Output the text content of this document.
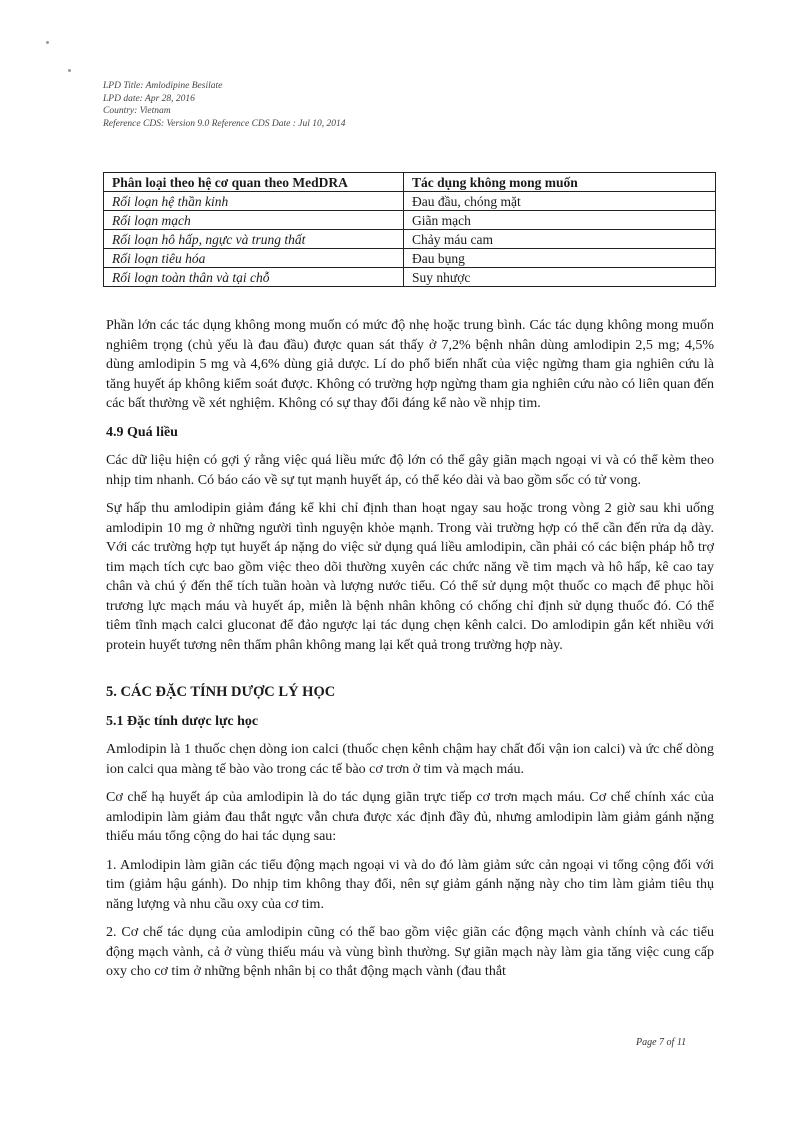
LPD Title: Amlodipine Besilate
LPD date: Apr 28, 2016
Country: Vietnam
Reference CDS: Version 9.0 Reference CDS Date : Jul 10, 2014
Phân loại theo hệ cơ quan theo MedDRA	Tác dụng không mong muốn
Rối loạn hệ thần kinh	Đau đầu, chóng mặt
Rối loạn mạch	Giãn mạch
Rối loạn hô hấp, ngực và trung thất	Chảy máu cam
Rối loạn tiêu hóa	Đau bụng
Rối loạn toàn thân và tại chỗ	Suy nhược

Phần lớn các tác dụng không mong muốn có mức độ nhẹ hoặc trung bình. Các tác dụng không mong muốn nghiêm trọng (chủ yếu là đau đầu) được quan sát thấy ở 7,2% bệnh nhân dùng amlodipin 2,5 mg; 4,5% dùng amlodipin 5 mg và 4,6% dùng giả dược. Lí do phổ biến nhất của việc ngừng tham gia nghiên cứu là tăng huyết áp không kiểm soát được. Không có trường hợp ngừng tham gia nghiên cứu nào có liên quan đến các bất thường về xét nghiệm. Không có sự thay đổi đáng kể nào về nhịp tim.

4.9 Quá liều

Các dữ liệu hiện có gợi ý rằng việc quá liều mức độ lớn có thể gây giãn mạch ngoại vi và có thể kèm theo nhịp tim nhanh. Có báo cáo về sự tụt mạnh huyết áp, có thể kéo dài và bao gồm sốc có tử vong.

Sự hấp thu amlodipin giảm đáng kể khi chỉ định than hoạt ngay sau hoặc trong vòng 2 giờ sau khi uống amlodipin 10 mg ở những người tình nguyện khỏe mạnh. Trong vài trường hợp có thể cần đến rửa dạ dày. Với các trường hợp tụt huyết áp nặng do việc sử dụng quá liều amlodipin, cần phải có các biện pháp hỗ trợ tim mạch tích cực bao gồm việc theo dõi thường xuyên các chức năng về tim mạch và hô hấp, kê cao tay chân và chú ý đến thể tích tuần hoàn và lượng nước tiểu. Có thể sử dụng một thuốc co mạch để phục hồi trương lực mạch máu và huyết áp, miễn là bệnh nhân không có chống chỉ định sử dụng thuốc đó. Có thể tiêm tĩnh mạch calci gluconat để đảo ngược lại tác dụng chẹn kênh calci. Do amlodipin gắn kết nhiều với protein huyết tương nên thẩm phân không mang lại kết quả trong trường hợp này.

5. CÁC ĐẶC TÍNH DƯỢC LÝ HỌC
5.1 Đặc tính dược lực học

Amlodipin là 1 thuốc chẹn dòng ion calci (thuốc chẹn kênh chậm hay chất đối vận ion calci) và ức chế dòng ion calci qua màng tế bào vào trong các tế bào cơ trơn ở tim và mạch máu.

Cơ chế hạ huyết áp của amlodipin là do tác dụng giãn trực tiếp cơ trơn mạch máu. Cơ chế chính xác của amlodipin làm giảm đau thắt ngực vẫn chưa được xác định đầy đủ, nhưng amlodipin làm giảm gánh nặng thiếu máu tổng cộng do hai tác dụng sau:

1. Amlodipin làm giãn các tiểu động mạch ngoại vi và do đó làm giảm sức cản ngoại vi tổng cộng đối với tim (giảm hậu gánh). Do nhịp tim không thay đổi, nên sự giảm gánh nặng này cho tim làm giảm tiêu thụ năng lượng và nhu cầu oxy của cơ tim.

2. Cơ chế tác dụng của amlodipin cũng có thể bao gồm việc giãn các động mạch vành chính và các tiểu động mạch vành, cả ở vùng thiếu máu và vùng bình thường. Sự giãn mạch này làm gia tăng việc cung cấp oxy cho cơ tim ở những bệnh nhân bị co thắt động mạch vành (đau thắt

Page 7 of 11
